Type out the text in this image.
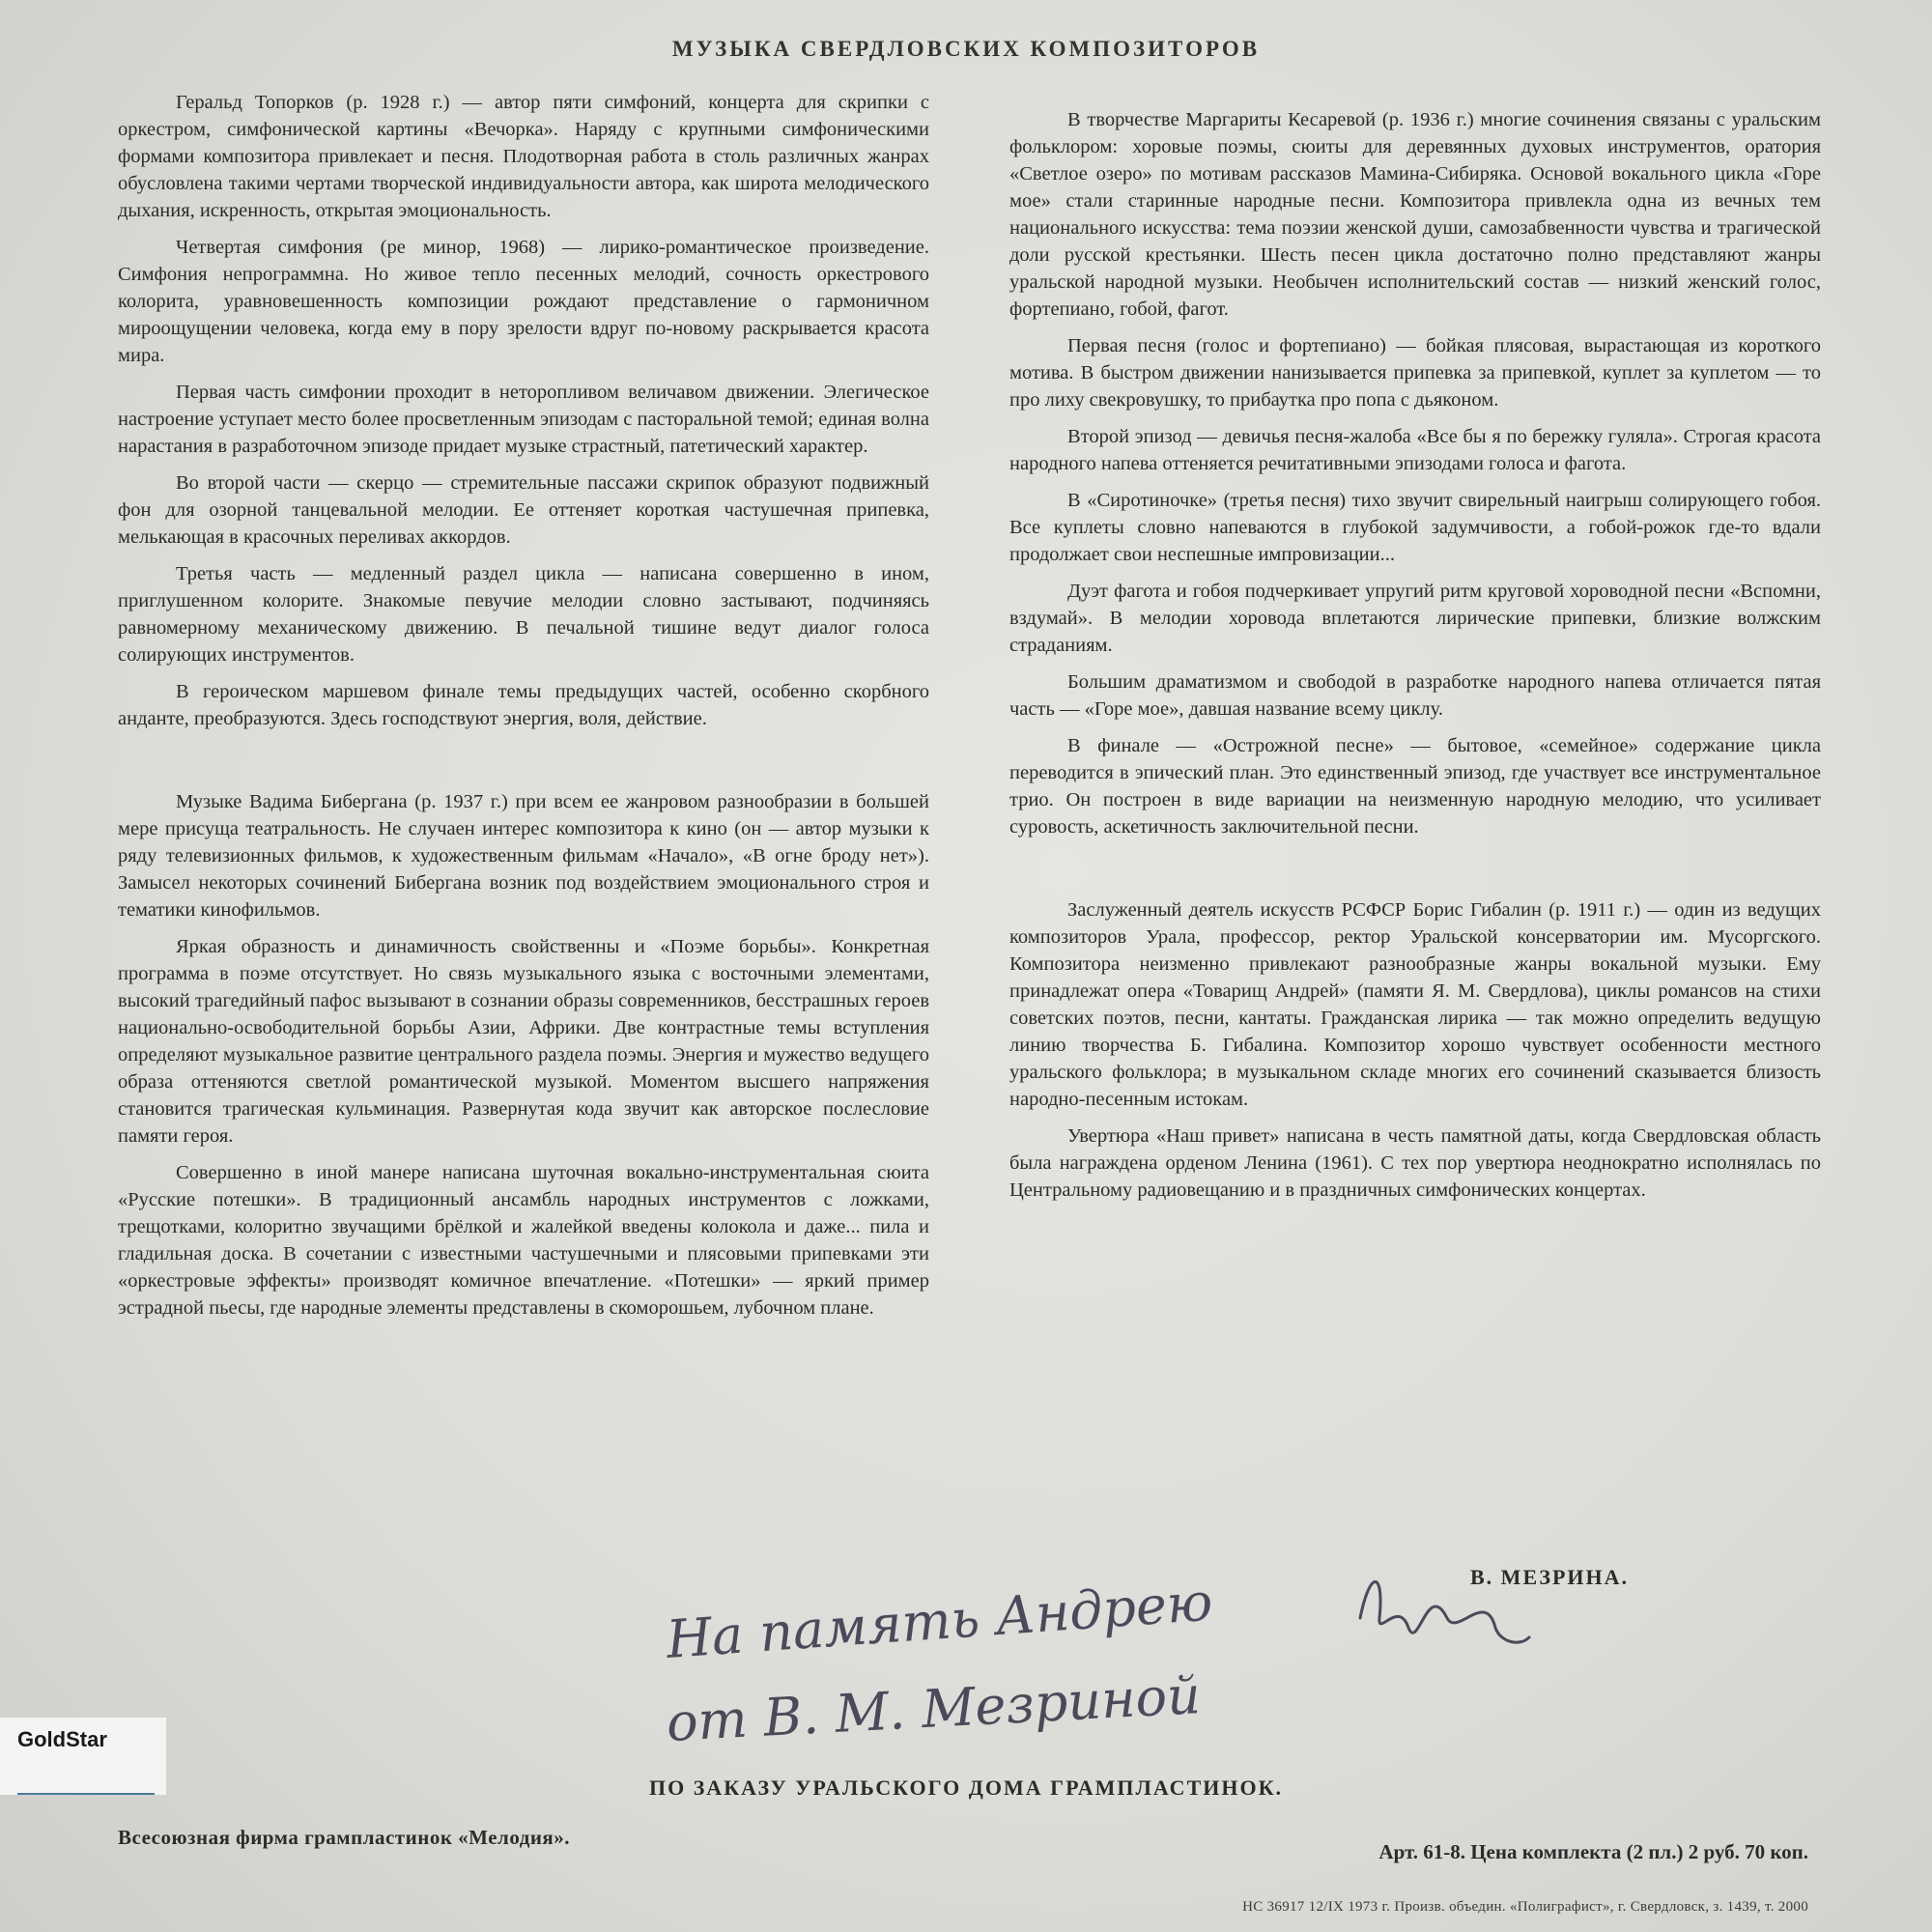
МУЗЫКА СВЕРДЛОВСКИХ КОМПОЗИТОРОВ

Геральд Топорков (р. 1928 г.) — автор пяти симфоний, концерта для скрипки с оркестром, симфонической картины «Вечорка». Наряду с крупными симфоническими формами композитора привлекает и песня. Плодотворная работа в столь различных жанрах обусловлена такими чертами творческой индивидуальности автора, как широта мелодического дыхания, искренность, открытая эмоциональность.

Четвертая симфония (ре минор, 1968) — лирико-романтическое произведение. Симфония непрограммна. Но живое тепло песенных мелодий, сочность оркестрового колорита, уравновешенность композиции рождают представление о гармоничном мироощущении человека, когда ему в пору зрелости вдруг по-новому раскрывается красота мира.

Первая часть симфонии проходит в неторопливом величавом движении. Элегическое настроение уступает место более просветленным эпизодам с пасторальной темой; единая волна нарастания в разработочном эпизоде придает музыке страстный, патетический характер.

Во второй части — скерцо — стремительные пассажи скрипок образуют подвижный фон для озорной танцевальной мелодии. Ее оттеняет короткая частушечная припевка, мелькающая в красочных переливах аккордов.

Третья часть — медленный раздел цикла — написана совершенно в ином, приглушенном колорите. Знакомые певучие мелодии словно застывают, подчиняясь равномерному механическому движению. В печальной тишине ведут диалог голоса солирующих инструментов.

В героическом маршевом финале темы предыдущих частей, особенно скорбного анданте, преобразуются. Здесь господствуют энергия, воля, действие.

Музыке Вадима Бибергана (р. 1937 г.) при всем ее жанровом разнообразии в большей мере присуща театральность. Не случаен интерес композитора к кино (он — автор музыки к ряду телевизионных фильмов, к художественным фильмам «Начало», «В огне броду нет»). Замысел некоторых сочинений Бибергана возник под воздействием эмоционального строя и тематики кинофильмов.

Яркая образность и динамичность свойственны и «Поэме борьбы». Конкретная программа в поэме отсутствует. Но связь музыкального языка с восточными элементами, высокий трагедийный пафос вызывают в сознании образы современников, бесстрашных героев национально-освободительной борьбы Азии, Африки. Две контрастные темы вступления определяют музыкальное развитие центрального раздела поэмы. Энергия и мужество ведущего образа оттеняются светлой романтической музыкой. Моментом высшего напряжения становится трагическая кульминация. Развернутая кода звучит как авторское послесловие памяти героя.

Совершенно в иной манере написана шуточная вокально-инструментальная сюита «Русские потешки». В традиционный ансамбль народных инструментов с ложками, трещотками, колоритно звучащими брёлкой и жалейкой введены колокола и даже... пила и гладильная доска. В сочетании с известными частушечными и плясовыми припевками эти «оркестровые эффекты» производят комичное впечатление. «Потешки» — яркий пример эстрадной пьесы, где народные элементы представлены в скоморошьем, лубочном плане.

В творчестве Маргариты Кесаревой (р. 1936 г.) многие сочинения связаны с уральским фольклором: хоровые поэмы, сюиты для деревянных духовых инструментов, оратория «Светлое озеро» по мотивам рассказов Мамина-Сибиряка. Основой вокального цикла «Горе мое» стали старинные народные песни. Композитора привлекла одна из вечных тем национального искусства: тема поэзии женской души, самозабвенности чувства и трагической доли русской крестьянки. Шесть песен цикла достаточно полно представляют жанры уральской народной музыки. Необычен исполнительский состав — низкий женский голос, фортепиано, гобой, фагот.

Первая песня (голос и фортепиано) — бойкая плясовая, вырастающая из короткого мотива. В быстром движении нанизывается припевка за припевкой, куплет за куплетом — то про лиху свекровушку, то прибаутка про попа с дьяконом.

Второй эпизод — девичья песня-жалоба «Все бы я по бережку гуляла». Строгая красота народного напева оттеняется речитативными эпизодами голоса и фагота.

В «Сиротиночке» (третья песня) тихо звучит свирельный наигрыш солирующего гобоя. Все куплеты словно напеваются в глубокой задумчивости, а гобой-рожок где-то вдали продолжает свои неспешные импровизации...

Дуэт фагота и гобоя подчеркивает упругий ритм круговой хороводной песни «Вспомни, вздумай». В мелодии хоровода вплетаются лирические припевки, близкие волжским страданиям.

Большим драматизмом и свободой в разработке народного напева отличается пятая часть — «Горе мое», давшая название всему циклу.

В финале — «Острожной песне» — бытовое, «семейное» содержание цикла переводится в эпический план. Это единственный эпизод, где участвует все инструментальное трио. Он построен в виде вариации на неизменную народную мелодию, что усиливает суровость, аскетичность заключительной песни.

Заслуженный деятель искусств РСФСР Борис Гибалин (р. 1911 г.) — один из ведущих композиторов Урала, профессор, ректор Уральской консерватории им. Мусоргского. Композитора неизменно привлекают разнообразные жанры вокальной музыки. Ему принадлежат опера «Товарищ Андрей» (памяти Я. М. Свердлова), циклы романсов на стихи советских поэтов, песни, кантаты. Гражданская лирика — так можно определить ведущую линию творчества Б. Гибалина. Композитор хорошо чувствует особенности местного уральского фольклора; в музыкальном складе многих его сочинений сказывается близость народно-песенным истокам.

Увертюра «Наш привет» написана в честь памятной даты, когда Свердловская область была награждена орденом Ленина (1961). С тех пор увертюра неоднократно исполнялась по Центральному радиовещанию и в праздничных симфонических концертах.

В. МЕЗРИНА.
На память Андрею
от В. М. Мезриной
GoldStar
ПО ЗАКАЗУ УРАЛЬСКОГО ДОМА ГРАМПЛАСТИНОК.
Всесоюзная фирма грампластинок «Мелодия».
Арт. 61-8. Цена комплекта (2 пл.) 2 руб. 70 коп.
НС 36917 12/IX 1973 г. Произв. объедин. «Полиграфист», г. Свердловск, з. 1439, т. 2000
